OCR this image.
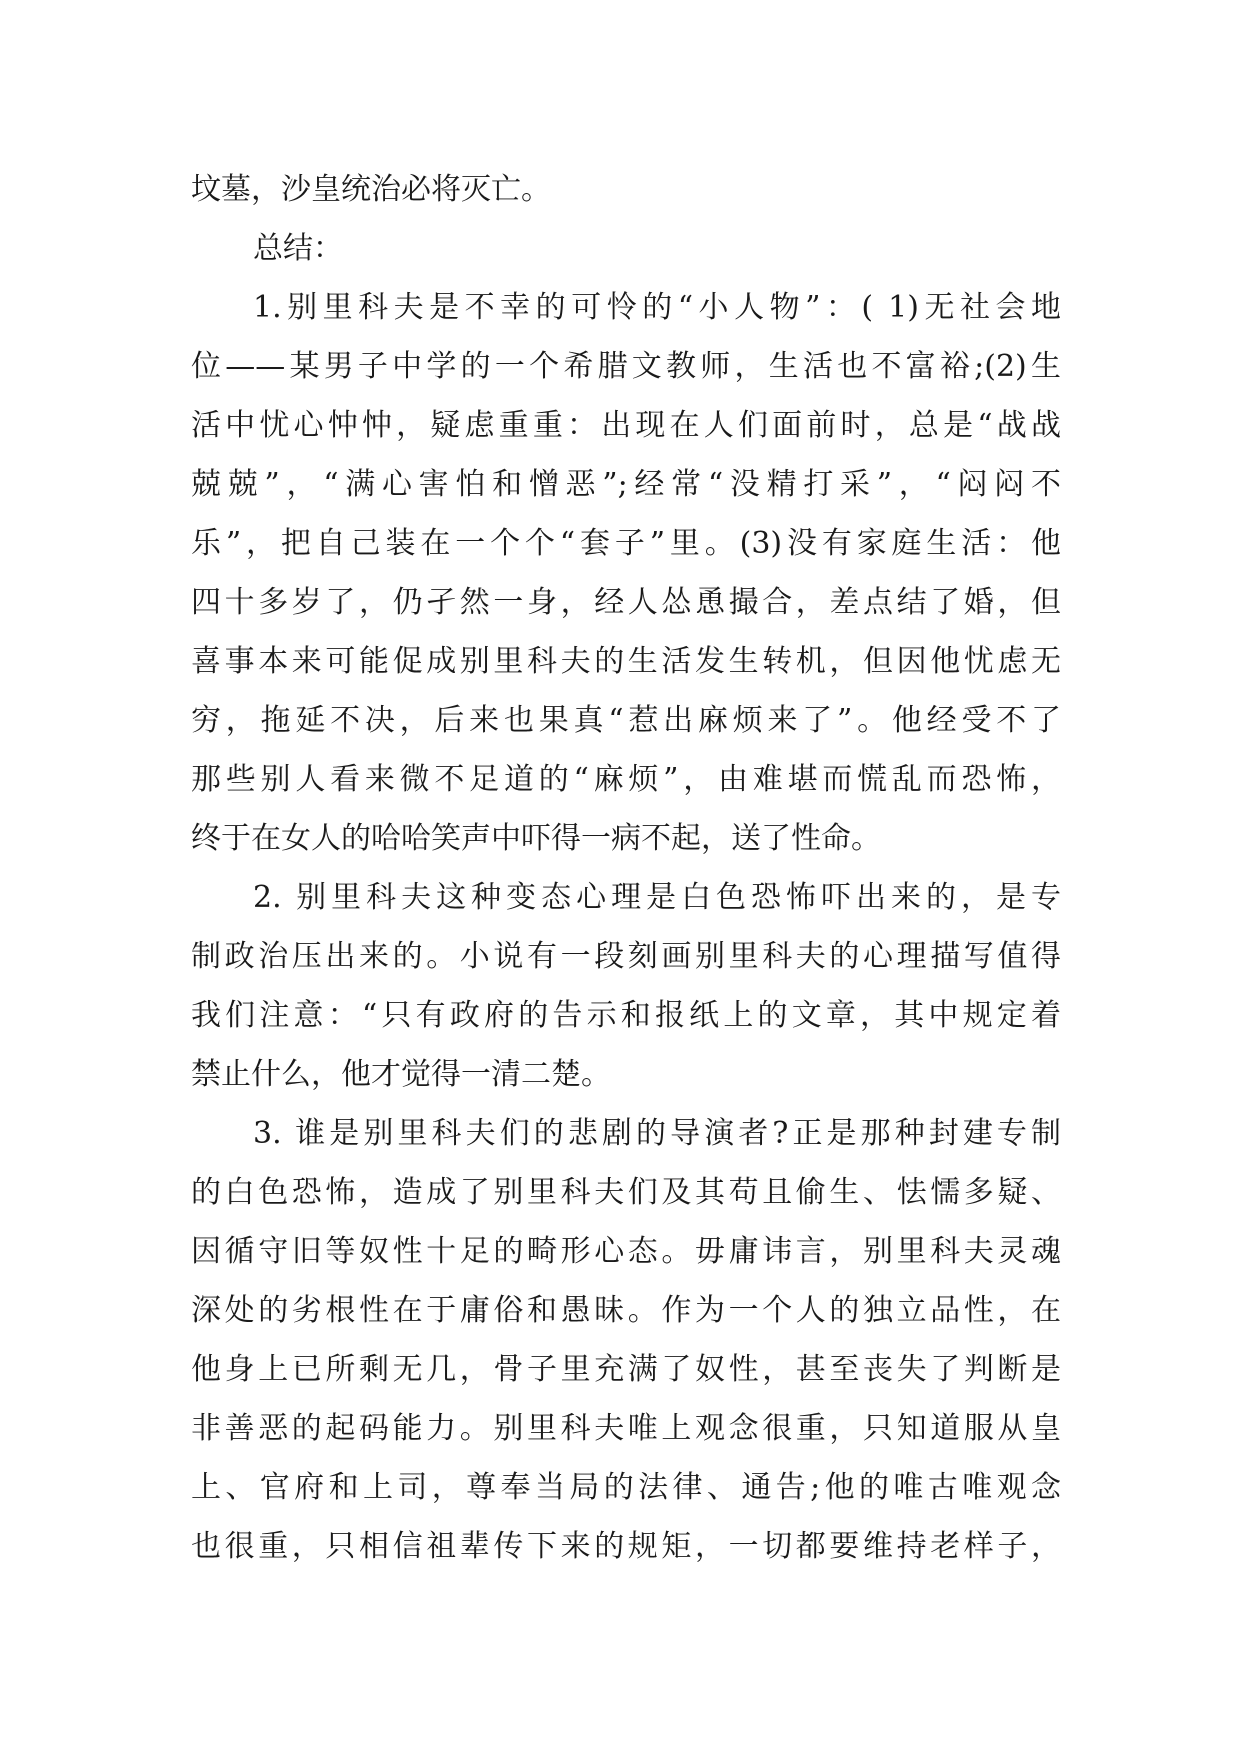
坟墓，沙皇统治必将灭亡。
总结：
1.别里科夫是不幸的可怜的“小人物”：( 1)无社会地
位——某男子中学的一个希腊文教师，生活也不富裕;(2)生
活中忧心忡忡，疑虑重重：出现在人们面前时，总是“战战
兢兢”，“满心害怕和憎恶”;经常“没精打采”，“闷闷不
乐”，把自己装在一个个“套子”里。(3)没有家庭生活：他
四十多岁了，仍孑然一身，经人怂恿撮合，差点结了婚，但
喜事本来可能促成别里科夫的生活发生转机，但因他忧虑无
穷，拖延不决，后来也果真“惹出麻烦来了”。他经受不了
那些别人看来微不足道的“麻烦”，由难堪而慌乱而恐怖，
终于在女人的哈哈笑声中吓得一病不起，送了性命。
2. 别里科夫这种变态心理是白色恐怖吓出来的，是专
制政治压出来的。小说有一段刻画别里科夫的心理描写值得
我们注意：“只有政府的告示和报纸上的文章，其中规定着
禁止什么，他才觉得一清二楚。
3. 谁是别里科夫们的悲剧的导演者?正是那种封建专制
的白色恐怖，造成了别里科夫们及其苟且偷生、怯懦多疑、
因循守旧等奴性十足的畸形心态。毋庸讳言，别里科夫灵魂
深处的劣根性在于庸俗和愚昧。作为一个人的独立品性，在
他身上已所剩无几，骨子里充满了奴性，甚至丧失了判断是
非善恶的起码能力。别里科夫唯上观念很重，只知道服从皇
上、官府和上司，尊奉当局的法律、通告;他的唯古唯观念
也很重，只相信祖辈传下来的规矩，一切都要维持老样子，
